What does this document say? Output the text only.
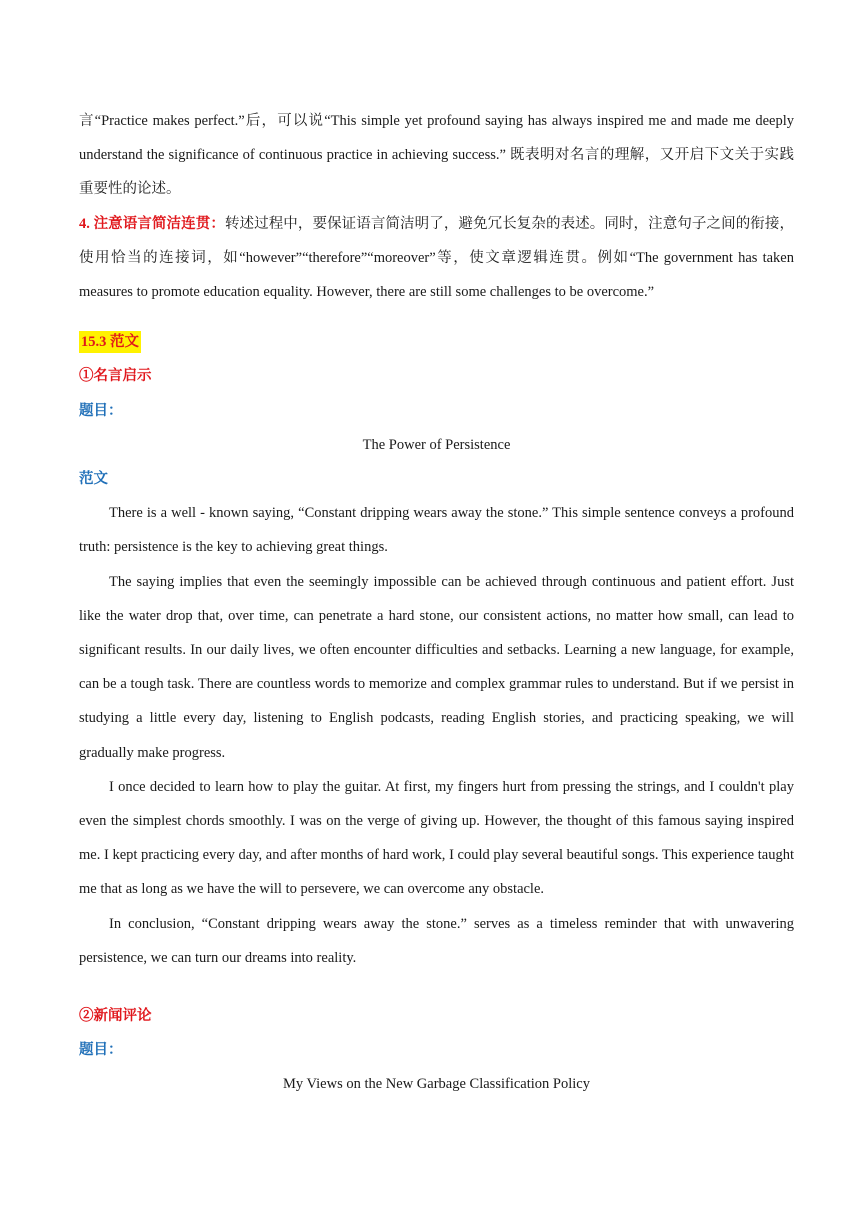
言“Practice makes perfect.”后，可以说“This simple yet profound saying has always inspired me and made me deeply understand the significance of continuous practice in achieving success.” 既表明对名言的理解，又开启下文关于实践重要性的论述。

4. 注意语言简洁连贯：转述过程中，要保证语言简洁明了，避免冗长复杂的表述。同时，注意句子之间的衔接，使用恰当的连接词，如“however”“therefore”“moreover”等，使文章逻辑连贯。例如“The government has taken measures to promote education equality. However, there are still some challenges to be overcome.”

15.3 范文

①名言启示

题目：

The Power of Persistence

范文

There is a well - known saying, “Constant dripping wears away the stone.” This simple sentence conveys a profound truth: persistence is the key to achieving great things.

The saying implies that even the seemingly impossible can be achieved through continuous and patient effort. Just like the water drop that, over time, can penetrate a hard stone, our consistent actions, no matter how small, can lead to significant results. In our daily lives, we often encounter difficulties and setbacks. Learning a new language, for example, can be a tough task. There are countless words to memorize and complex grammar rules to understand. But if we persist in studying a little every day, listening to English podcasts, reading English stories, and practicing speaking, we will gradually make progress.

I once decided to learn how to play the guitar. At first, my fingers hurt from pressing the strings, and I couldn't play even the simplest chords smoothly. I was on the verge of giving up. However, the thought of this famous saying inspired me. I kept practicing every day, and after months of hard work, I could play several beautiful songs. This experience taught me that as long as we have the will to persevere, we can overcome any obstacle.

In conclusion, “Constant dripping wears away the stone.” serves as a timeless reminder that with unwavering persistence, we can turn our dreams into reality.

②新闻评论

题目：

My Views on the New Garbage Classification Policy
